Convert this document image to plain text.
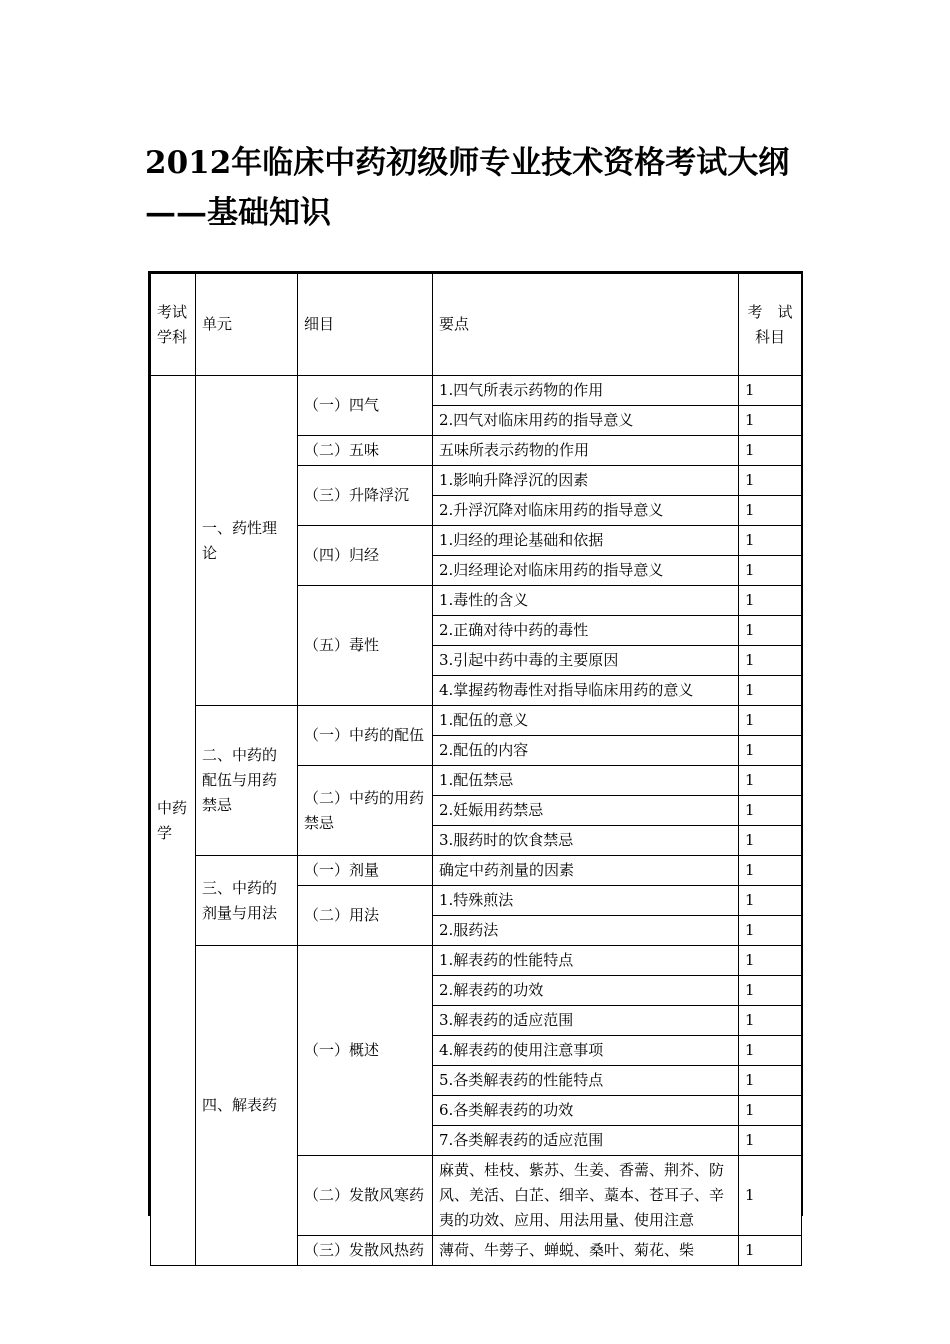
2012年临床中药初级师专业技术资格考试大纲——基础知识
考试学科	单元	细目	要点	考　试
科目

中药学	一、药性理论	（一）四气	1.四气所表示药物的作用	1
			2.四气对临床用药的指导意义	1
		（二）五味	五味所表示药物的作用	1
		（三）升降浮沉	1.影响升降浮沉的因素	1
			2.升浮沉降对临床用药的指导意义	1
		（四）归经	1.归经的理论基础和依据	1
			2.归经理论对临床用药的指导意义	1
		（五）毒性	1.毒性的含义	1
			2.正确对待中药的毒性	1
			3.引起中药中毒的主要原因	1
			4.掌握药物毒性对指导临床用药的意义	1
	二、中药的配伍与用药禁忌	（一）中药的配伍	1.配伍的意义	1
			2.配伍的内容	1
		（二）中药的用药禁忌	1.配伍禁忌	1
			2.妊娠用药禁忌	1
			3.服药时的饮食禁忌	1
	三、中药的剂量与用法	（一）剂量	确定中药剂量的因素	1
		（二）用法	1.特殊煎法	1
			2.服药法	1
	四、解表药	（一）概述	1.解表药的性能特点	1
			2.解表药的功效	1
			3.解表药的适应范围	1
			4.解表药的使用注意事项	1
			5.各类解表药的性能特点	1
			6.各类解表药的功效	1
			7.各类解表药的适应范围	1
		（二）发散风寒药	麻黄、桂枝、紫苏、生姜、香薷、荆芥、防风、羌活、白芷、细辛、藁本、苍耳子、辛夷的功效、应用、用法用量、使用注意	1
		（三）发散风热药	薄荷、牛蒡子、蝉蜕、桑叶、菊花、柴	1
